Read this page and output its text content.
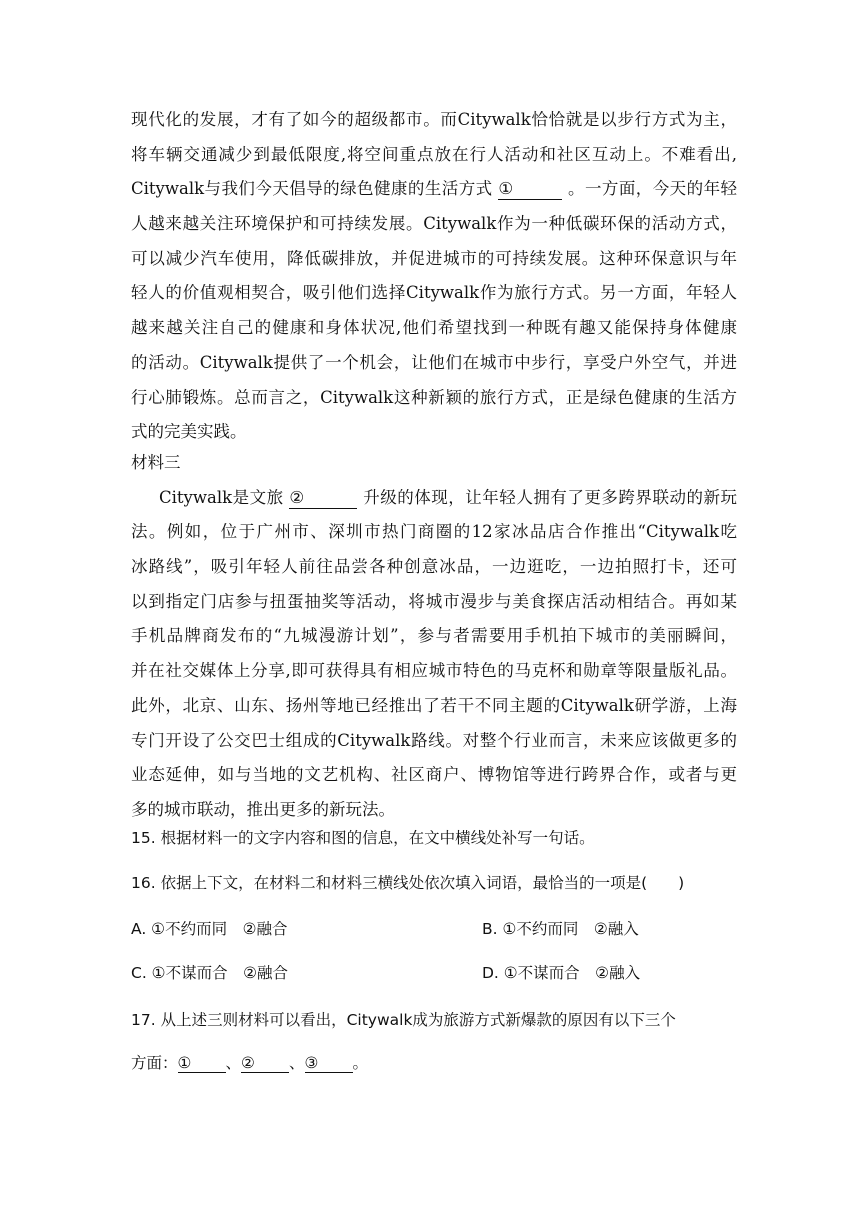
现代化的发展，才有了如今的超级都市。而Citywalk恰恰就是以步行方式为主，
将车辆交通减少到最低限度,将空间重点放在行人活动和社区互动上。不难看出,
Citywalk与我们今天倡导的绿色健康的生活方式 ①	。一方面，今天的年轻
人越来越关注环境保护和可持续发展。Citywalk作为一种低碳环保的活动方式，
可以减少汽车使用，降低碳排放，并促进城市的可持续发展。这种环保意识与年
轻人的价值观相契合，吸引他们选择Citywalk作为旅行方式。另一方面，年轻人
越来越关注自己的健康和身体状况,他们希望找到一种既有趣又能保持身体健康
的活动。Citywalk提供了一个机会，让他们在城市中步行，享受户外空气，并进
行心肺锻炼。总而言之，Citywalk这种新颖的旅行方式，正是绿色健康的生活方
式的完美实践。
材料三
Citywalk是文旅 ②	升级的体现，让年轻人拥有了更多跨界联动的新玩
法。例如，位于广州市、深圳市热门商圈的12家冰品店合作推出“Citywalk吃
冰路线”，吸引年轻人前往品尝各种创意冰品，一边逛吃，一边拍照打卡，还可
以到指定门店参与扭蛋抽奖等活动，将城市漫步与美食探店活动相结合。再如某
手机品牌商发布的“九城漫游计划”，参与者需要用手机拍下城市的美丽瞬间，
并在社交媒体上分享,即可获得具有相应城市特色的马克杯和勋章等限量版礼品。
此外，北京、山东、扬州等地已经推出了若干不同主题的Citywalk研学游，上海
专门开设了公交巴士组成的Citywalk路线。对整个行业而言，未来应该做更多的
业态延伸，如与当地的文艺机构、社区商户、博物馆等进行跨界合作，或者与更
多的城市联动，推出更多的新玩法。
15. 根据材料一的文字内容和图的信息，在文中横线处补写一句话。
16. 依据上下文，在材料二和材料三横线处依次填入词语，最恰当的一项是(　　)
A. ①不约而同　②融合	B. ①不约而同　②融入
C. ①不谋而合　②融合	D. ①不谋而合　②融入
17. 从上述三则材料可以看出，Citywalk成为旅游方式新爆款的原因有以下三个
方面：① 、② 、③ 。
